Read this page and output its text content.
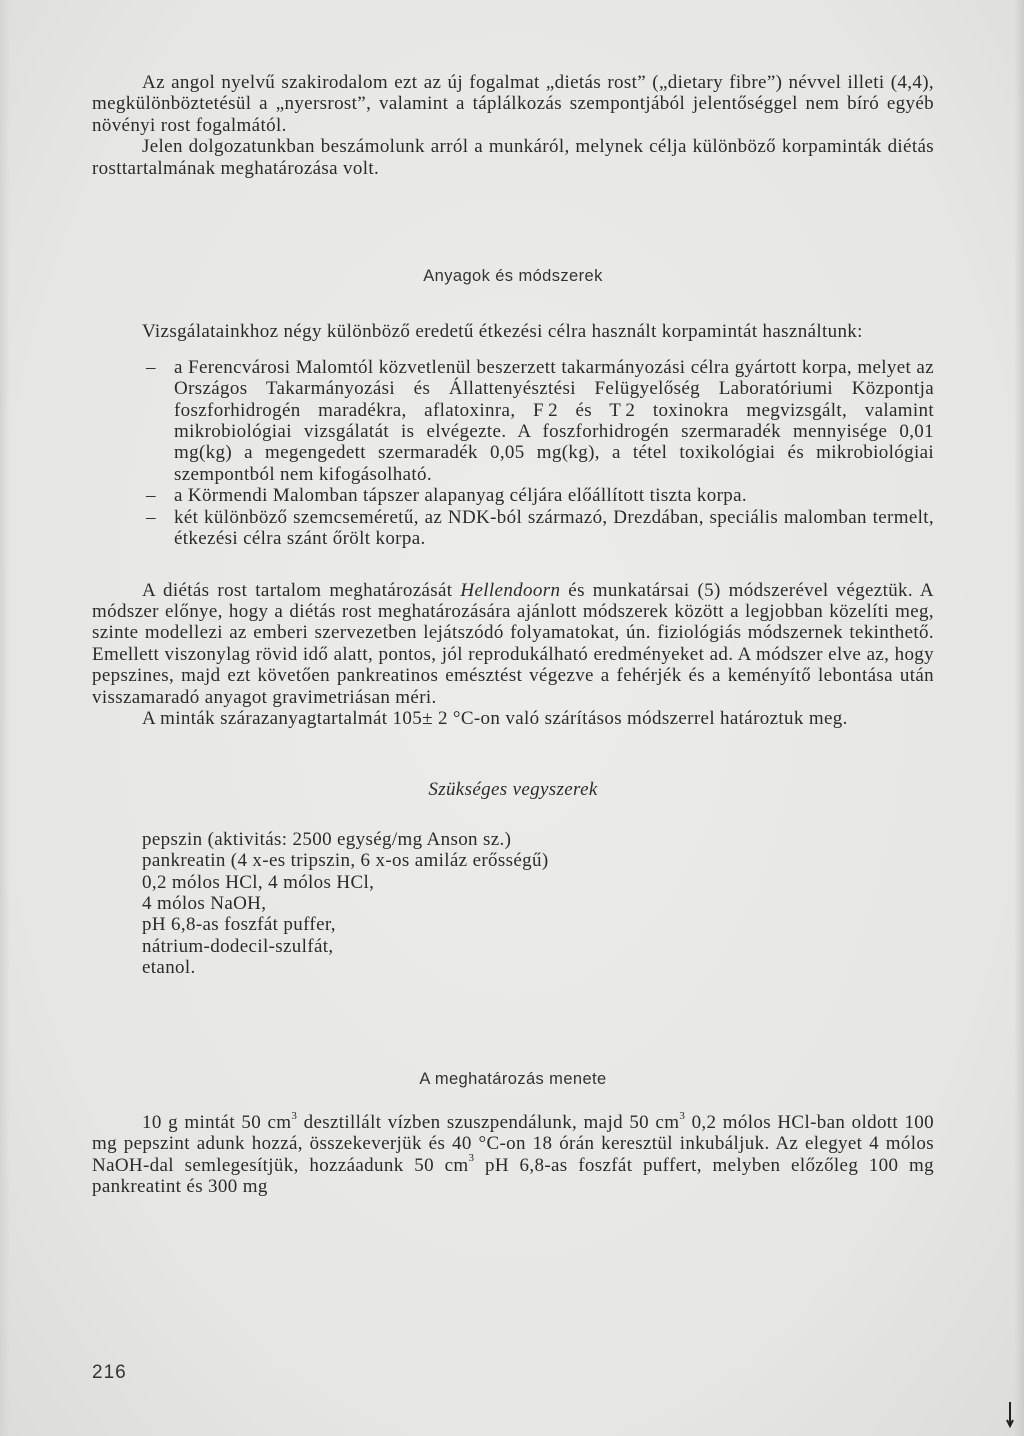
Az angol nyelvű szakirodalom ezt az új fogalmat „dietás rost” („dietary fibre”) névvel illeti (4,4), megkülönböztetésül a „nyersrost”, valamint a táplálkozás szempontjából jelentőséggel nem bíró egyéb növényi rost fogalmától.

Jelen dolgozatunkban beszámolunk arról a munkáról, melynek célja különböző korpaminták diétás rosttartalmának meghatározása volt.

Anyagok és módszerek

Vizsgálatainkhoz négy különböző eredetű étkezési célra használt korpamintát használtunk:

– a Ferencvárosi Malomtól közvetlenül beszerzett takarmányozási célra gyártott korpa, melyet az Országos Takarmányozási és Állattenyésztési Felügyelőség Laboratóriumi Központja foszforhidrogén maradékra, aflatoxinra, F 2 és T 2 toxinokra megvizsgált, valamint mikrobiológiai vizsgálatát is elvégezte. A foszforhidrogén szermaradék mennyisége 0,01 mg(kg) a megengedett szermaradék 0,05 mg(kg), a tétel toxikológiai és mikrobiológiai szempontból nem kifogásolható.
– a Körmendi Malomban tápszer alapanyag céljára előállított tiszta korpa.
– két különböző szemcseméretű, az NDK-ból származó, Drezdában, speciális malomban termelt, étkezési célra szánt őrölt korpa.

A diétás rost tartalom meghatározását Hellendoorn és munkatársai (5) módszerével végeztük. A módszer előnye, hogy a diétás rost meghatározására ajánlott módszerek között a legjobban közelíti meg, szinte modellezi az emberi szervezetben lejátszódó folyamatokat, ún. fiziológiás módszernek tekinthető. Emellett viszonylag rövid idő alatt, pontos, jól reprodukálható eredményeket ad. A módszer elve az, hogy pepszines, majd ezt követően pankreatinos emésztést végezve a fehérjék és a keményítő lebontása után visszamaradó anyagot gravimetriásan méri.

A minták szárazanyagtartalmát 105± 2 °C-on való szárításos módszerrel határoztuk meg.

Szükséges vegyszerek
pepszin (aktivitás: 2500 egység/mg Anson sz.)
pankreatin (4 x-es tripszin, 6 x-os amiláz erősségű)
0,2 mólos HCl, 4 mólos HCl,
4 mólos NaOH,
pH 6,8-as foszfát puffer,
nátrium-dodecil-szulfát,
etanol.
A meghatározás menete

10 g mintát 50 $cm^3$ desztillált vízben szuszpendálunk, majd 50 $cm^3$ 0,2 mólos HCl-ban oldott 100 mg pepszint adunk hozzá, összekeverjük és 40 °C-on 18 órán keresztül inkubáljuk. Az elegyet 4 mólos NaOH-dal semlegesítjük, hozzáadunk 50 $cm^3$ pH 6,8-as foszfát puffert, melyben előzőleg 100 mg pankreatint és 300 mg

216
